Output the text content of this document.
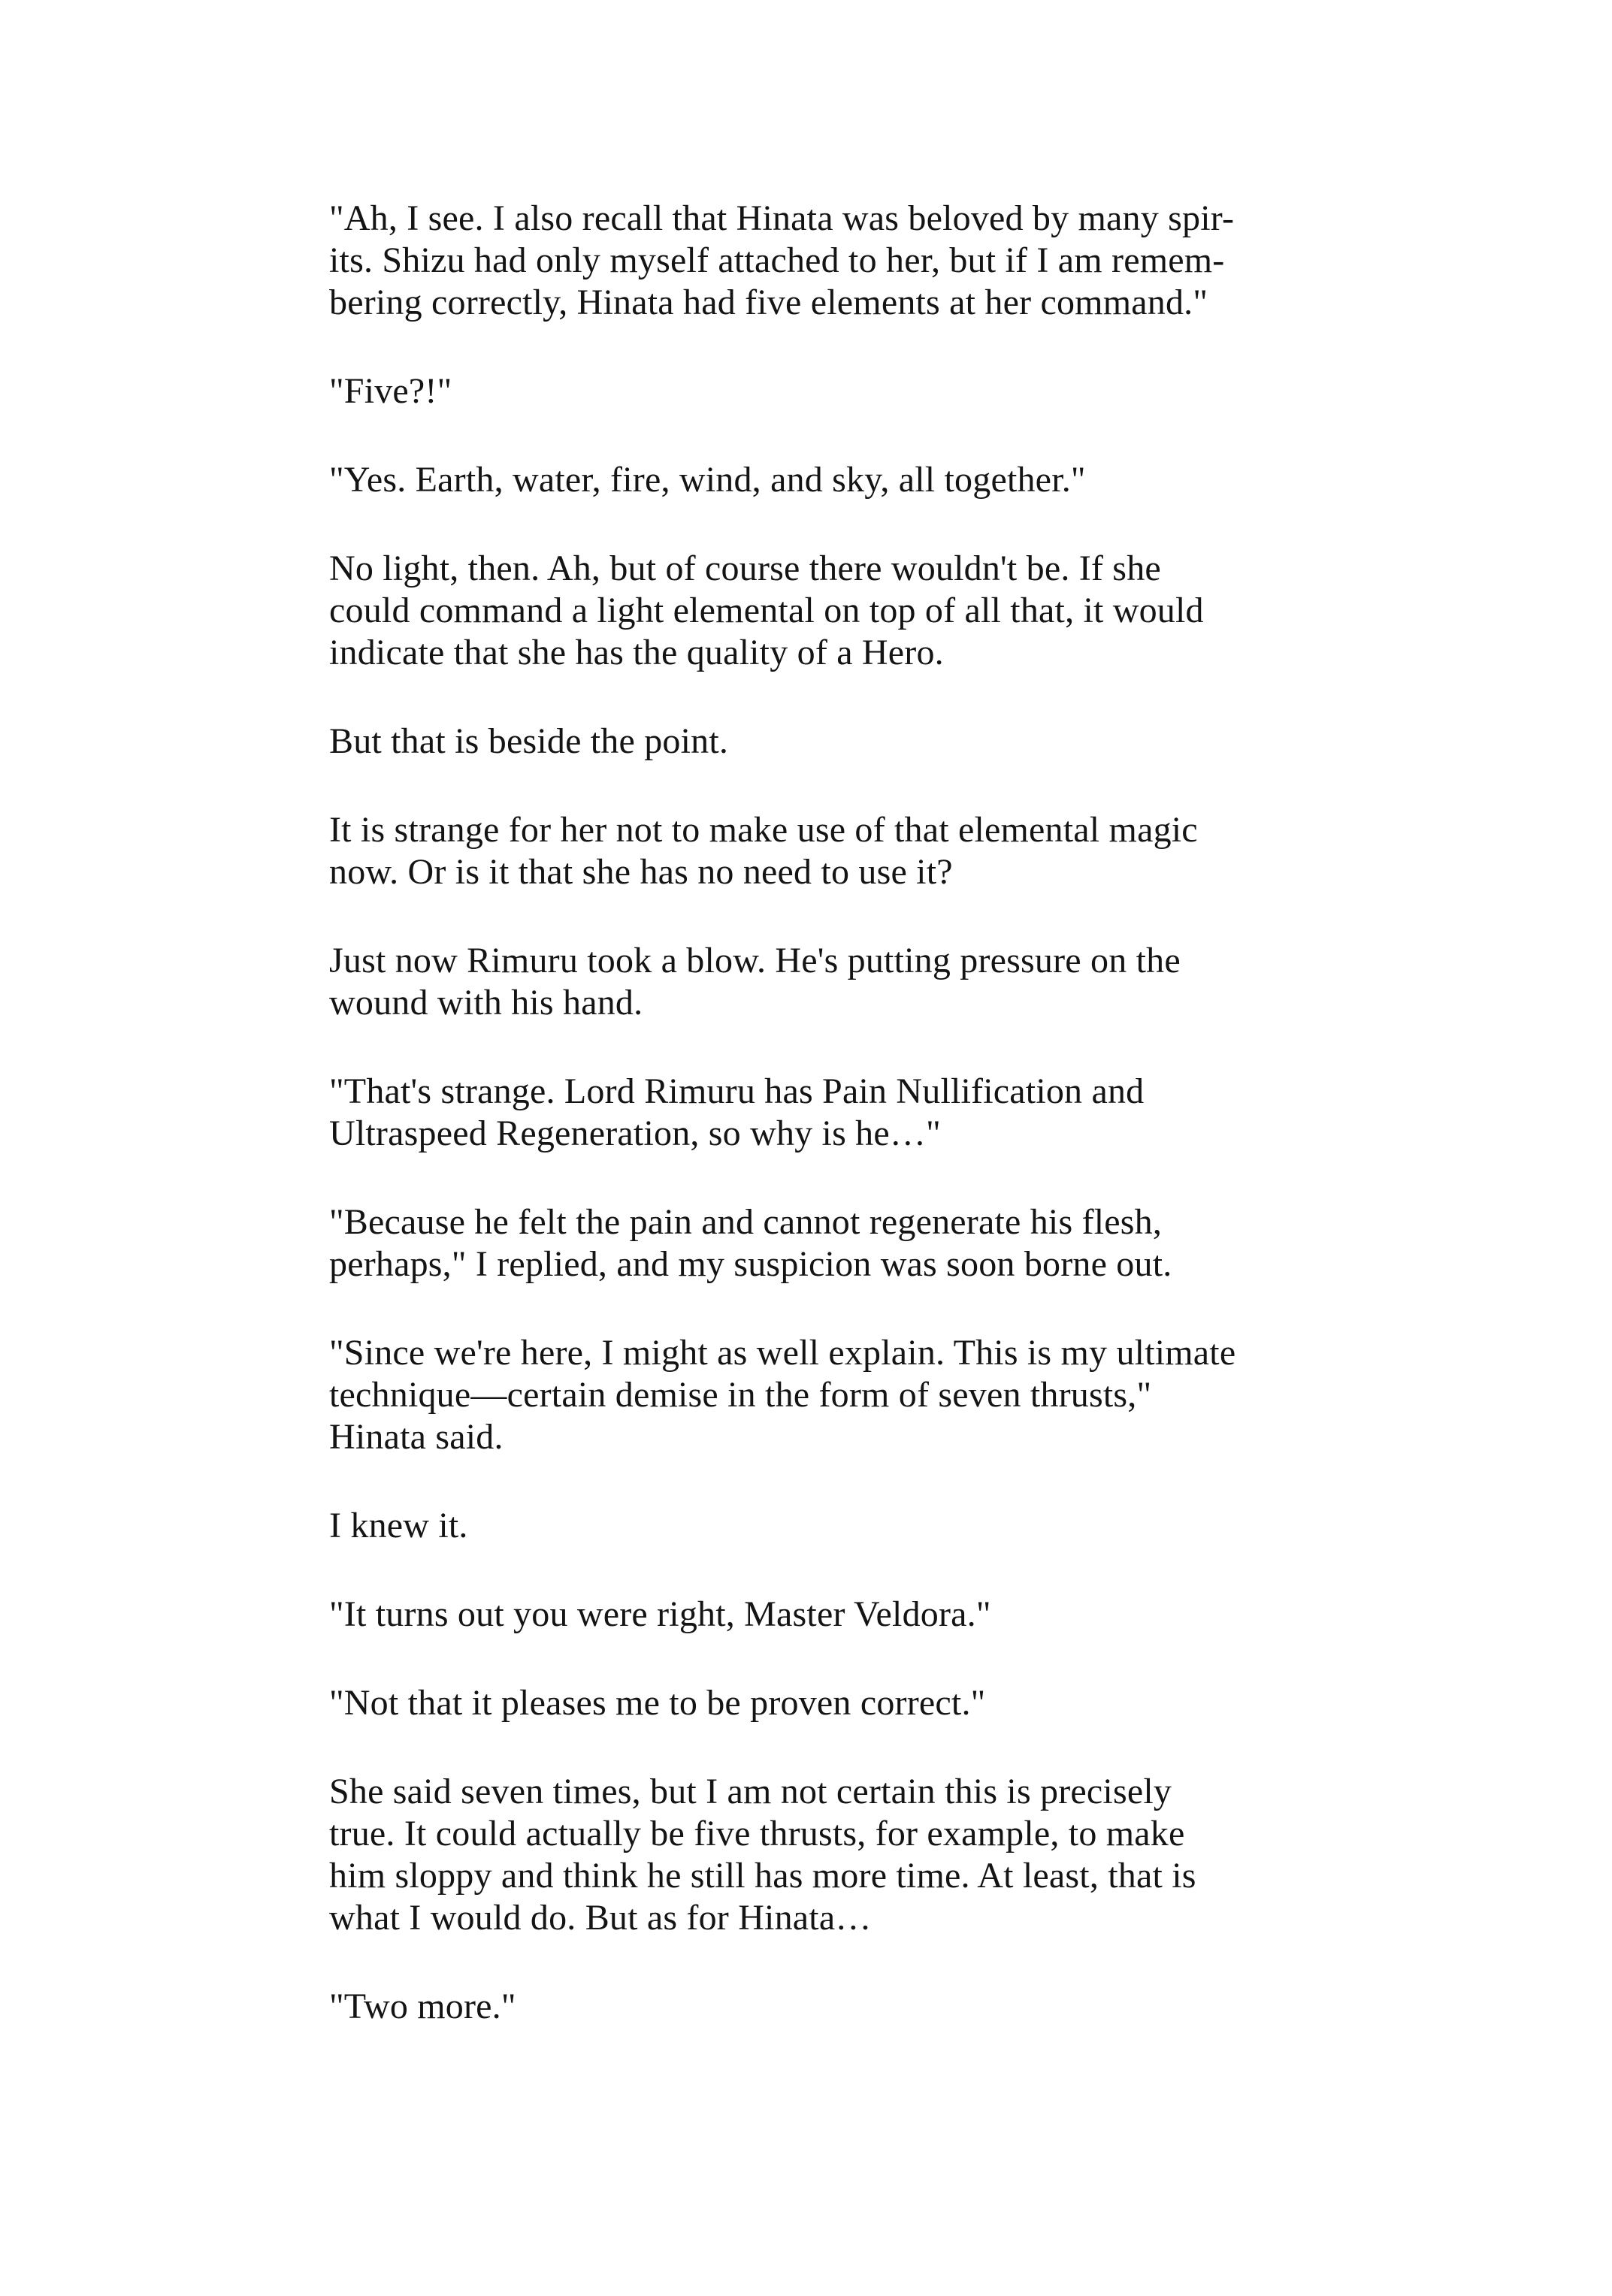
"Ah, I see. I also recall that Hinata was beloved by many spir-
its. Shizu had only myself attached to her, but if I am remem-
bering correctly, Hinata had five elements at her command."

"Five?!"

"Yes. Earth, water, fire, wind, and sky, all together."

No light, then. Ah, but of course there wouldn't be. If she
could command a light elemental on top of all that, it would
indicate that she has the quality of a Hero.

But that is beside the point.

It is strange for her not to make use of that elemental magic
now. Or is it that she has no need to use it?

Just now Rimuru took a blow. He's putting pressure on the
wound with his hand.

"That's strange. Lord Rimuru has Pain Nullification and
Ultraspeed Regeneration, so why is he…"

"Because he felt the pain and cannot regenerate his flesh,
perhaps," I replied, and my suspicion was soon borne out.

"Since we're here, I might as well explain. This is my ultimate
technique—certain demise in the form of seven thrusts,"
Hinata said.

I knew it.

"It turns out you were right, Master Veldora."

"Not that it pleases me to be proven correct."

She said seven times, but I am not certain this is precisely
true. It could actually be five thrusts, for example, to make
him sloppy and think he still has more time. At least, that is
what I would do. But as for Hinata…

"Two more."
